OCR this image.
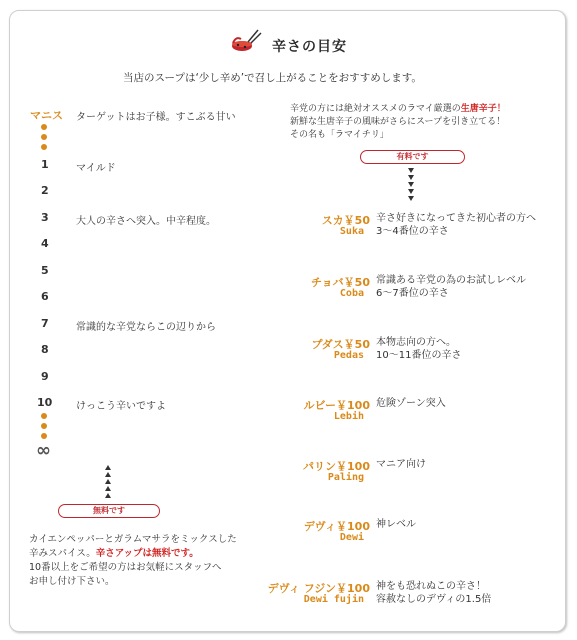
辛さの目安
当店のスープは‘少し辛め’で召し上がることをおすすめします。
マニス ターゲットはお子様。すこぶる甘い
1	マイルド
2
3	大人の辛さへ突入。中辛程度。
4
5
6
7	常識的な辛党ならこの辺りから
8
9
10 けっこう辛いですよ
∞
無料です
カイエンペッパーとガラムマサラをミックスした
辛みスパイス。辛さアップは無料です。
10番以上をご希望の方はお気軽にスタッフへ
お申し付け下さい。
辛党の方には絶対オススメのラマイ厳選の生唐辛子！
新鮮な生唐辛子の風味がさらにスープを引き立てる！
その名も「ラマイチリ」
有料です
スカ￥50
Suka
辛さ好きになってきた初心者の方へ
3～4番位の辛さ
チョバ￥50
Coba
常識ある辛党の為のお試しレベル
6～7番位の辛さ
プダス￥50
Pedas
本物志向の方へ。
10～11番位の辛さ
ルビー￥100
Lebih
危険ゾーン突入
パリン￥100
Paling
マニア向け
デヴィ￥100
Dewi
神レベル
デヴィ フジン￥100
Dewi fujin
神をも恐れぬこの辛さ！
容赦なしのデヴィの1.5倍
